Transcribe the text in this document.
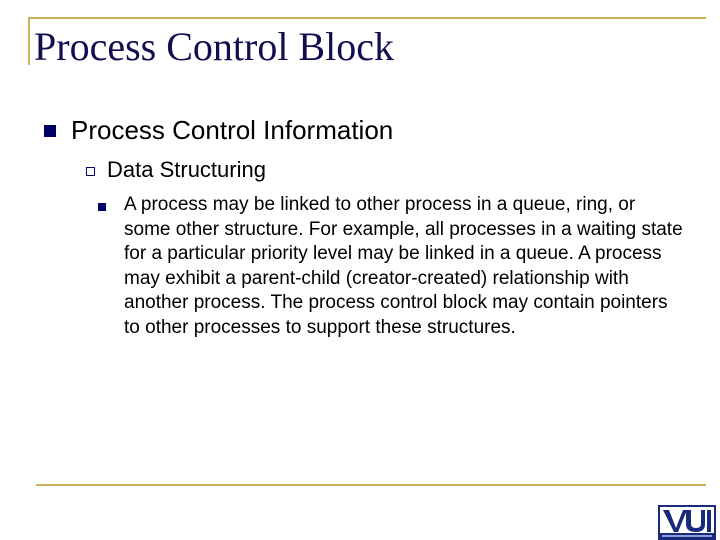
Process Control Block
Process Control Information
Data Structuring

A process may be linked to other process in a queue, ring, or some other structure. For example, all processes in a waiting state for a particular priority level may be linked in a queue. A process may exhibit a parent-child (creator-created) relationship with another process. The process control block may contain pointers to other processes to support these structures.
